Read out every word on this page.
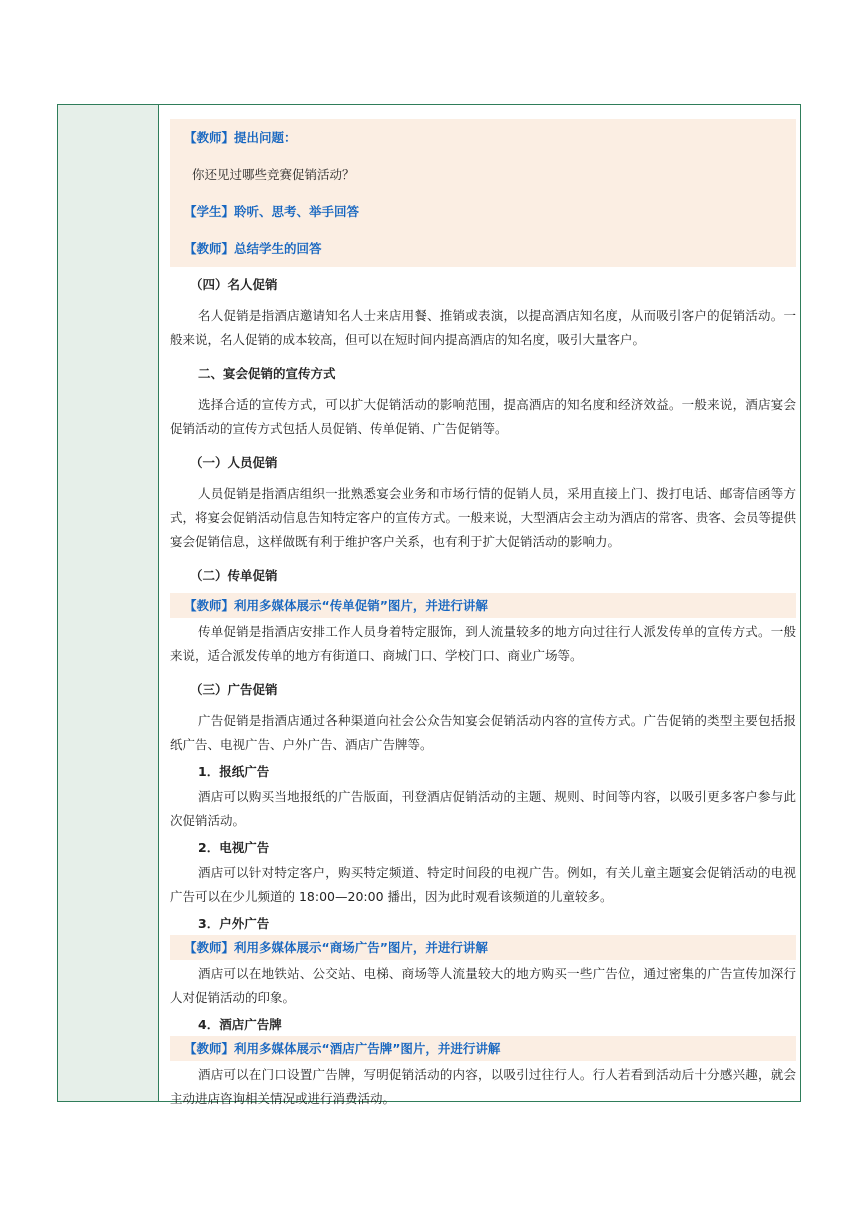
【教师】提出问题：
你还见过哪些竞赛促销活动？
【学生】聆听、思考、举手回答
【教师】总结学生的回答
（四）名人促销

名人促销是指酒店邀请知名人士来店用餐、推销或表演，以提高酒店知名度，从而吸引客户的促销活动。一般来说，名人促销的成本较高，但可以在短时间内提高酒店的知名度，吸引大量客户。

二、宴会促销的宣传方式

选择合适的宣传方式，可以扩大促销活动的影响范围，提高酒店的知名度和经济效益。一般来说，酒店宴会促销活动的宣传方式包括人员促销、传单促销、广告促销等。

（一）人员促销

人员促销是指酒店组织一批熟悉宴会业务和市场行情的促销人员，采用直接上门、拨打电话、邮寄信函等方式，将宴会促销活动信息告知特定客户的宣传方式。一般来说，大型酒店会主动为酒店的常客、贵客、会员等提供宴会促销信息，这样做既有利于维护客户关系，也有利于扩大促销活动的影响力。

（二）传单促销
【教师】利用多媒体展示“传单促销”图片，并进行讲解

传单促销是指酒店安排工作人员身着特定服饰，到人流量较多的地方向过往行人派发传单的宣传方式。一般来说，适合派发传单的地方有街道口、商城门口、学校门口、商业广场等。

（三）广告促销

广告促销是指酒店通过各种渠道向社会公众告知宴会促销活动内容的宣传方式。广告促销的类型主要包括报纸广告、电视广告、户外广告、酒店广告牌等。

1．报纸广告

酒店可以购买当地报纸的广告版面，刊登酒店促销活动的主题、规则、时间等内容，以吸引更多客户参与此次促销活动。

2．电视广告

酒店可以针对特定客户，购买特定频道、特定时间段的电视广告。例如，有关儿童主题宴会促销活动的电视广告可以在少儿频道的 18:00—20:00 播出，因为此时观看该频道的儿童较多。

3．户外广告
【教师】利用多媒体展示“商场广告”图片，并进行讲解

酒店可以在地铁站、公交站、电梯、商场等人流量较大的地方购买一些广告位，通过密集的广告宣传加深行人对促销活动的印象。

4．酒店广告牌
【教师】利用多媒体展示“酒店广告牌”图片，并进行讲解

酒店可以在门口设置广告牌，写明促销活动的内容，以吸引过往行人。行人若看到活动后十分感兴趣，就会主动进店咨询相关情况或进行消费活动。
